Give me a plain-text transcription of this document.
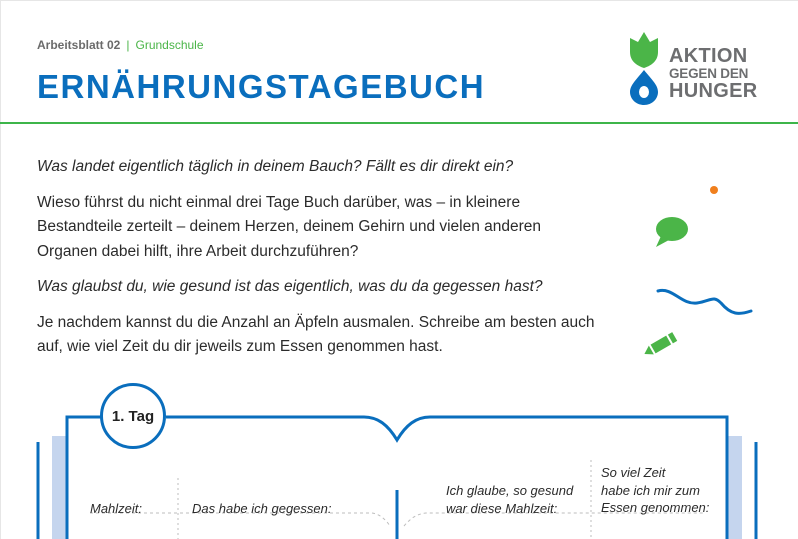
Arbeitsblatt 02 | Grundschule
ERNÄHRUNGSTAGEBUCH
AKTION
GEGEN DEN
HUNGER

Was landet eigentlich täglich in deinem Bauch? Fällt es dir direkt ein?

Wieso führst du nicht einmal drei Tage Buch darüber, was – in kleinere Bestandteile zerteilt – deinem Herzen, deinem Gehirn und vielen anderen Organen dabei hilft, ihre Arbeit durchzuführen?

Was glaubst du, wie gesund ist das eigentlich, was du da gegessen hast?

Je nachdem kannst du die Anzahl an Äpfeln ausmalen. Schreibe am besten auch auf, wie viel Zeit du dir jeweils zum Essen genommen hast.

1. Tag
Mahlzeit:	Das habe ich gegessen:
Ich glaube, so gesund
war diese Mahlzeit:
So viel Zeit
habe ich mir zum
Essen genommen:
